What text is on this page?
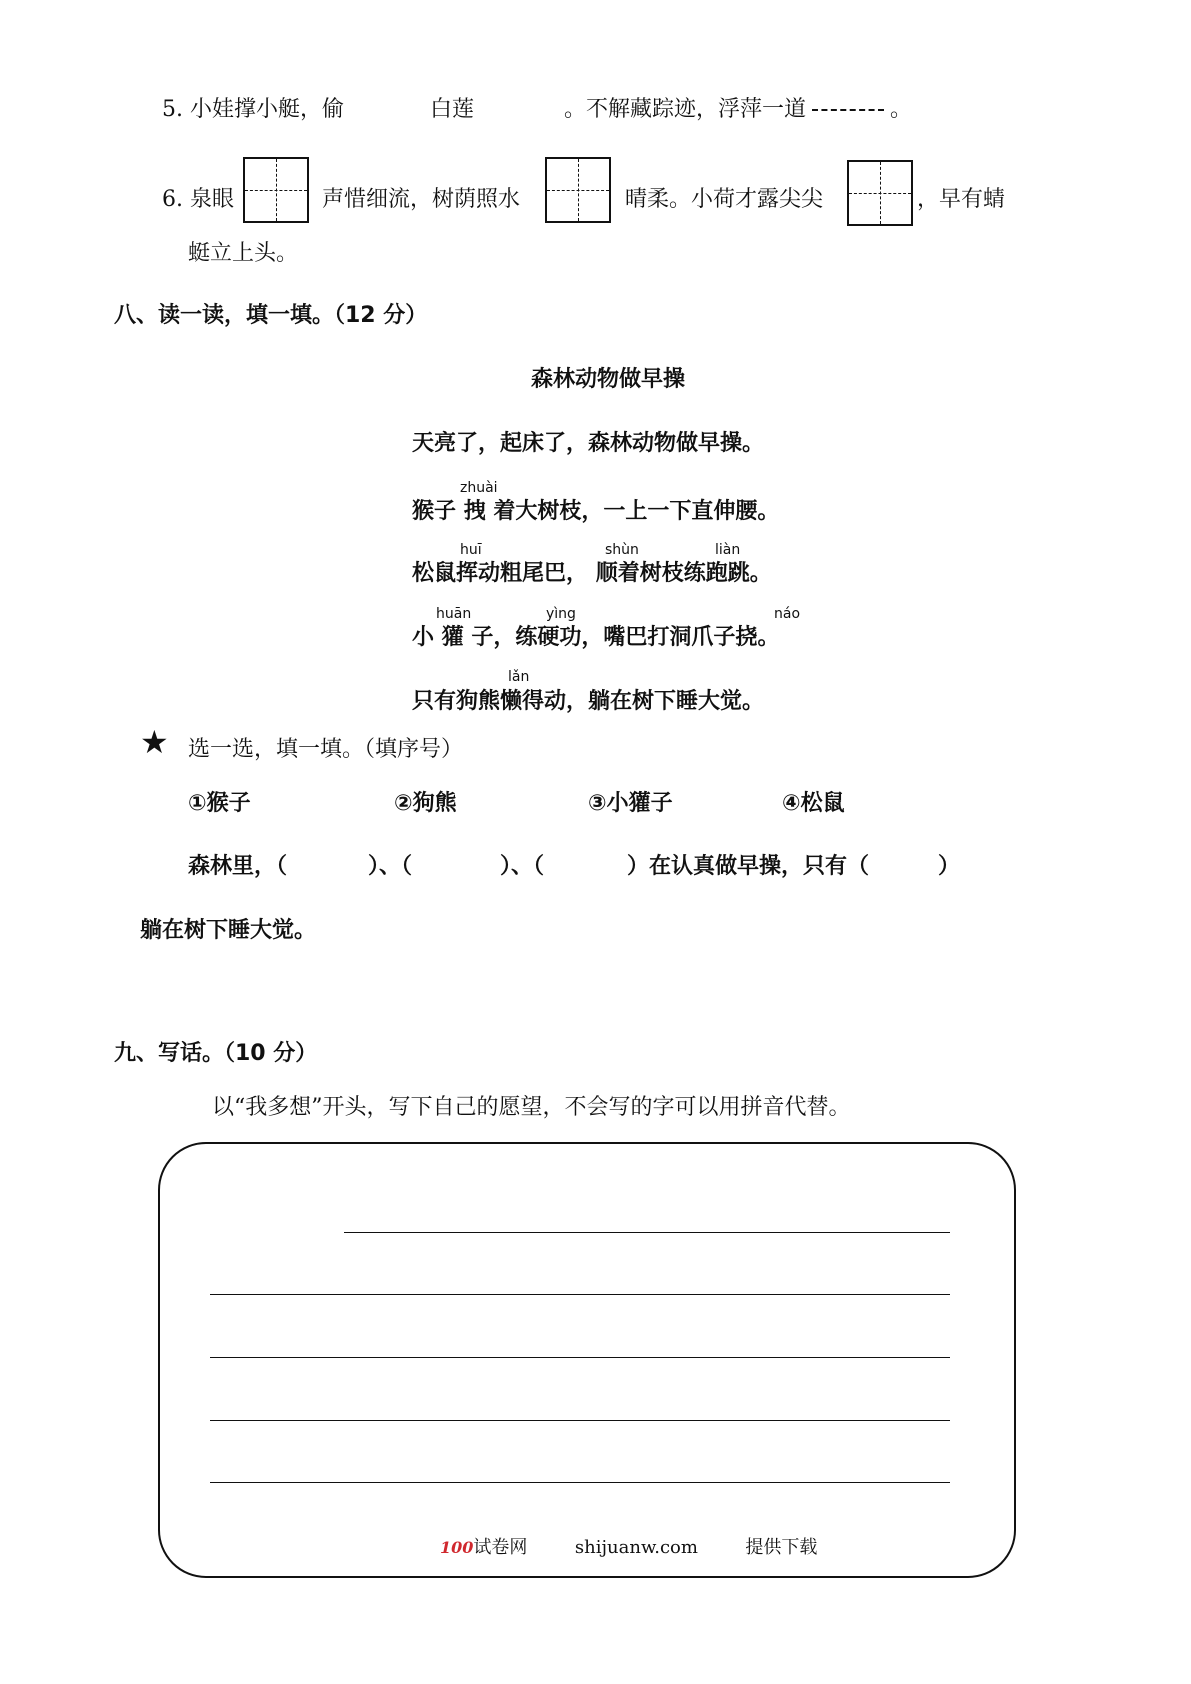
5. 小娃撑小艇，偷	白莲	。不解藏踪迹，浮萍一道	。
6. 泉眼	声惜细流，树荫照水	晴柔。小荷才露尖尖	，早有蜻
蜓立上头。
八、读一读，填一填。（12 分）
森林动物做早操
天亮了，起床了，森林动物做早操。
zhuài
猴子 拽 着大树枝，一上一下直伸腰。
huī	shùn	liàn
松鼠挥动粗尾巴， 顺着树枝练跑跳。
huān	yìng	náo
小 獾 子，练硬功，嘴巴打洞爪子挠。
lǎn
只有狗熊懒得动，躺在树下睡大觉。
★ 选一选，填一填。（填序号）
①猴子	②狗熊	③小獾子	④松鼠
森林里，（	）、（	）、（	）在认真做早操，只有（	）
躺在树下睡大觉。
九、写话。（10 分）
以“我多想”开头，写下自己的愿望，不会写的字可以用拼音代替。
100试卷网	shijuanw.com	提供下载
